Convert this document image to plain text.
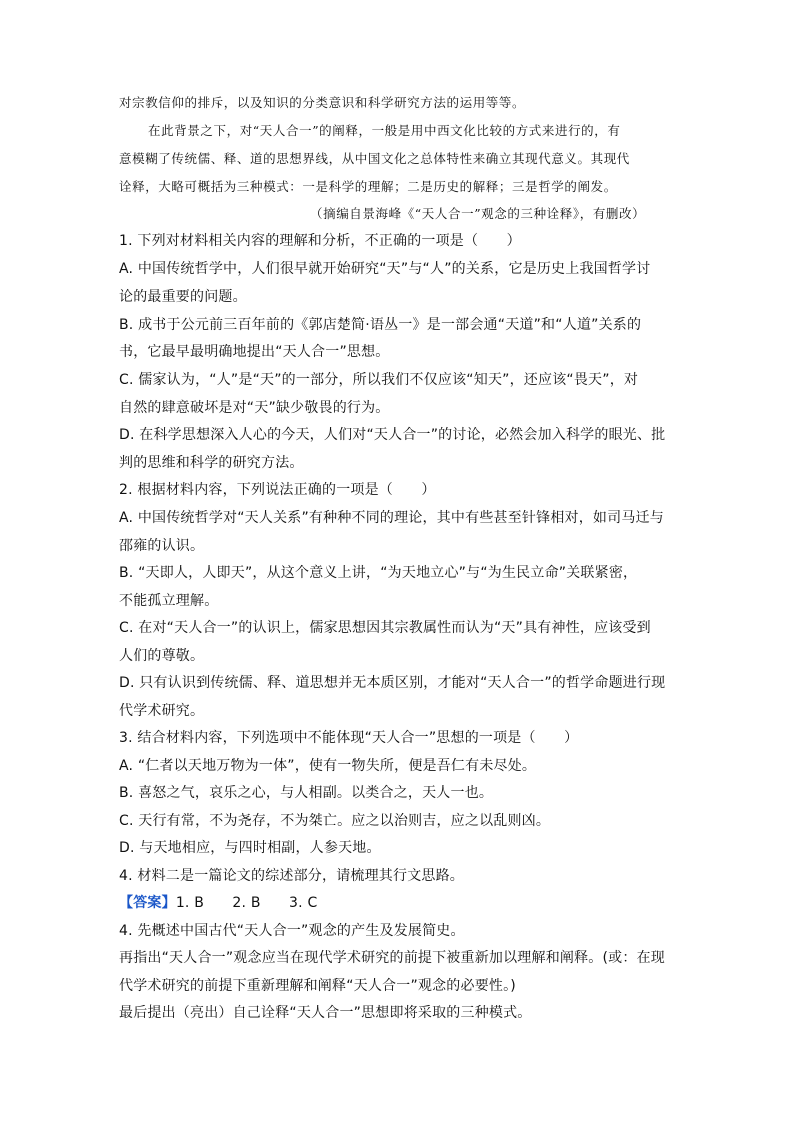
对宗教信仰的排斥，以及知识的分类意识和科学研究方法的运用等等。
在此背景之下，对“天人合一”的阐释，一般是用中西文化比较的方式来进行的，有
意模糊了传统儒、释、道的思想界线，从中国文化之总体特性来确立其现代意义。其现代
诠释，大略可概括为三种模式：一是科学的理解；二是历史的解释；三是哲学的阐发。
（摘编自景海峰《“天人合一”观念的三种诠释》，有删改）
1. 下列对材料相关内容的理解和分析，不正确的一项是（　　）
A. 中国传统哲学中，人们很早就开始研究“天”与“人”的关系，它是历史上我国哲学讨
论的最重要的问题。
B. 成书于公元前三百年前的《郭店楚简·语丛一》是一部会通“天道”和“人道”关系的
书，它最早最明确地提出“天人合一”思想。
C. 儒家认为，“人”是“天”的一部分，所以我们不仅应该“知天”，还应该“畏天”，对
自然的肆意破坏是对“天”缺少敬畏的行为。
D. 在科学思想深入人心的今天，人们对“天人合一”的讨论，必然会加入科学的眼光、批
判的思维和科学的研究方法。
2. 根据材料内容，下列说法正确的一项是（　　）
A. 中国传统哲学对“天人关系”有种种不同的理论，其中有些甚至针锋相对，如司马迁与
邵雍的认识。
B. “天即人，人即天”，从这个意义上讲，“为天地立心”与“为生民立命”关联紧密，
不能孤立理解。
C. 在对“天人合一”的认识上，儒家思想因其宗教属性而认为“天”具有神性，应该受到
人们的尊敬。
D. 只有认识到传统儒、释、道思想并无本质区别，才能对“天人合一”的哲学命题进行现
代学术研究。
3. 结合材料内容，下列选项中不能体现“天人合一”思想的一项是（　　）
A. “仁者以天地万物为一体”，使有一物失所，便是吾仁有未尽处。
B. 喜怒之气，哀乐之心，与人相副。以类合之，天人一也。
C. 天行有常，不为尧存，不为桀亡。应之以治则吉，应之以乱则凶。
D. 与天地相应，与四时相副，人参天地。
4. 材料二是一篇论文的综述部分，请梳理其行文思路。
【答案】1. B　　2. B　　3. C
4. 先概述中国古代“天人合一”观念的产生及发展简史。
再指出“天人合一”观念应当在现代学术研究的前提下被重新加以理解和阐释。(或：在现
代学术研究的前提下重新理解和阐释“天人合一”观念的必要性。)
最后提出（亮出）自己诠释“天人合一”思想即将采取的三种模式。
